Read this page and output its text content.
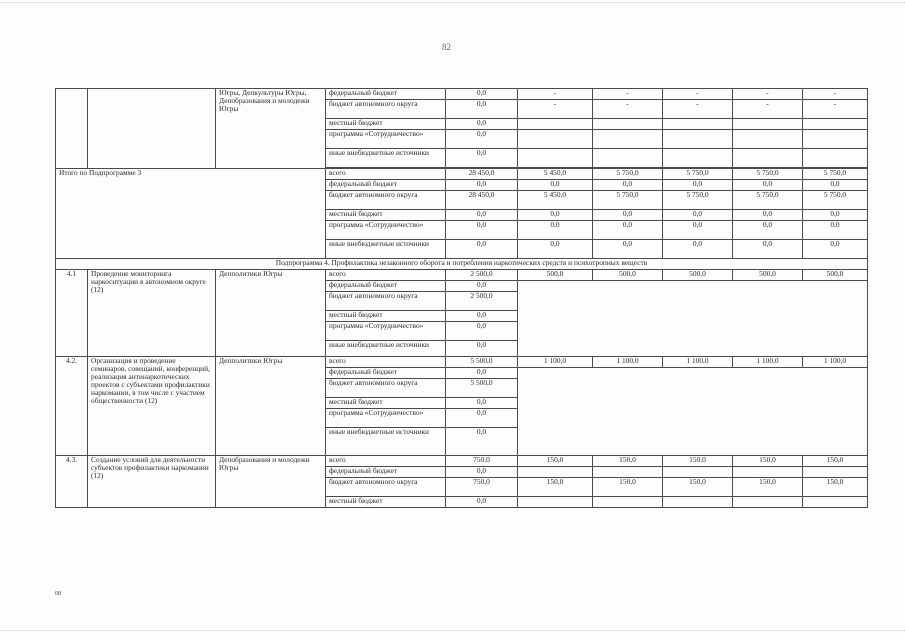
82
		Югры, Депкультуры Югры, Депобразования и молодежи Югры	федеральный бюджет	0,0	-	-	-	-	-
			бюджет автономного округа	0,0	-	-	-	-	-
			местный бюджет	0,0					
			программа «Сотрудничество»	0,0					
			иные внебюджетные источники	0,0					

Итого по Подпрограмме 3			всего	28 450,0	5 450,0	5 750,0	5 750,0	5 750,0	5 750,0
			федеральный бюджет	0,0	0,0	0,0	0,0	0,0	0,0
			бюджет автономного округа	28 450,0	5 450,0	5 750,0	5 750,0	5 750,0	5 750,0
			местный бюджет	0,0	0,0	0,0	0,0	0,0	0,0
			программа «Сотрудничество»	0,0	0,0	0,0	0,0	0,0	0,0
			иные внебюджетные источники	0,0	0,0	0,0	0,0	0,0	0,0
Подпрограмма 4. Профилактика незаконного оборота и потребления наркотических средств и психотропных веществ									
4.1	Проведение мониторинга наркоситуации в автономном округе (12)	Депполитики Югры	всего	2 500,0	500,0	500,0	500,0	500,0	500,0
			федеральный бюджет	0,0					
			бюджет автономного округа	2 500,0					
			местный бюджет	0,0					
			программа «Сотрудничество»	0,0					
			иные внебюджетные источники	0,0					
4.2.	Организация и проведение семинаров, совещаний, конференций, реализация антинаркотических проектов с субъектами профилактики наркомании, в том числе с участием общественности (12)	Депполитики Югры	всего	5 500,0	1 100,0	1 100,0	1 100,0	1 100,0	1 100,0
			федеральный бюджет	0,0					
			бюджет автономного округа	5 500,0					
			местный бюджет	0,0					
			программа «Сотрудничество»	0,0					
			иные внебюджетные источники	0,0					
4.3.	Создание условий для деятельности субъектов профилактики наркомании (12)	Депобразования и молодежи Югры	всего	750,0	150,0	150,0	150,0	150,0	150,0
			федеральный бюджет	0,0					
			бюджет автономного округа	750,0	150,0	150,0	150,0	150,0	150,0
			местный бюджет	0,0					
08
